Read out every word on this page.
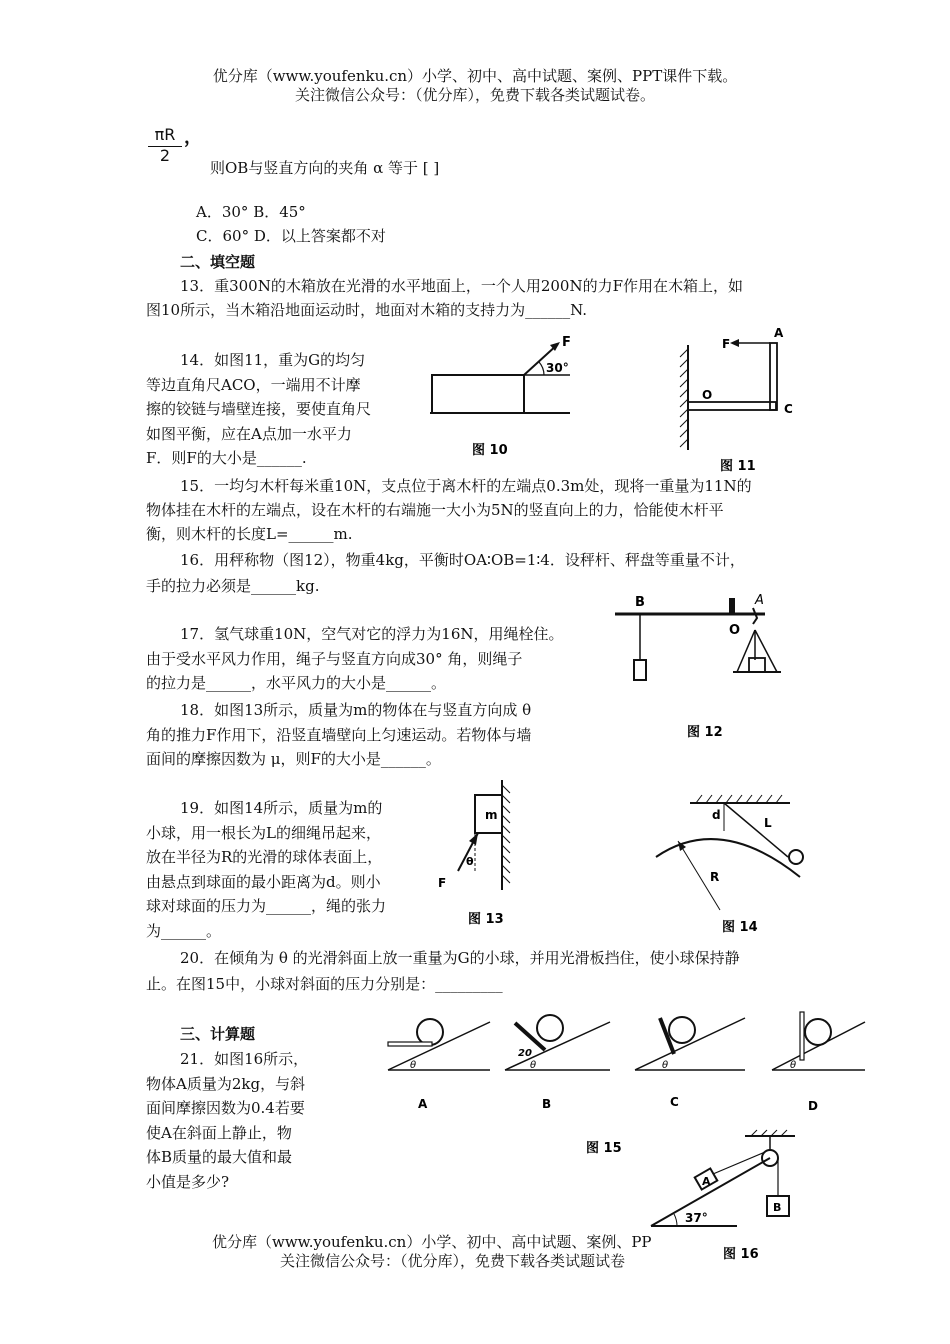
优分库（www.youfenku.cn）小学、初中、高中试题、案例、PPT课件下载。
关注微信公众号：（优分库），免费下载各类试题试卷。
πR
2
，
则OB与竖直方向的夹角 α 等于 [ ]
A．30° B．45°
C．60° D．以上答案都不对
二、填空题
13．重300N的木箱放在光滑的水平地面上，一个人用200N的力F作用在木箱上，如
图10所示，当木箱沿地面运动时，地面对木箱的支持力为______N.
14．如图11，重为G的均匀
等边直角尺ACO，一端用不计摩
擦的铰链与墙壁连接，要使直角尺
如图平衡，应在A点加一水平力
F．则F的大小是______.
F
30°
图 10
F
A
O
C
图 11
15．一均匀木杆每米重10N，支点位于离木杆的左端点0.3m处，现将一重量为11N的
物体挂在木杆的左端点，设在木杆的右端施一大小为5N的竖直向上的力，恰能使木杆平
衡，则木杆的长度L=______m.
16．用秤称物（图12），物重4kg，平衡时OA∶OB=1∶4．设秤杆、秤盘等重量不计，
手的拉力必须是______kg.
17．氢气球重10N，空气对它的浮力为16N，用绳栓住。
由于受水平风力作用，绳子与竖直方向成30° 角，则绳子
的拉力是______，水平风力的大小是______。
18．如图13所示，质量为m的物体在与竖直方向成 θ
角的推力F作用下，沿竖直墙壁向上匀速运动。若物体与墙
面间的摩擦因数为 μ，则F的大小是______。
B	A
O
图 12
19．如图14所示，质量为m的
小球，用一根长为L的细绳吊起来，
放在半径为R的光滑的球体表面上，
由悬点到球面的最小距离为d。则小
球对球面的压力为______，绳的张力
为______。
m
θ
F
图 13
d
L
R
图 14
20．在倾角为 θ 的光滑斜面上放一重量为G的小球，并用光滑板挡住，使小球保持静
止。在图15中，小球对斜面的压力分别是：_________
三、计算题
21．如图16所示，
物体A质量为2kg，与斜
面间摩擦因数为0.4若要
使A在斜面上静止，物
体B质量的最大值和最
小值是多少?
θ
A
20
θ
B
θ
C
θ
D
图 15
A
B
37°
图 16
优分库（www.youfenku.cn）小学、初中、高中试题、案例、PP
关注微信公众号：（优分库），免费下载各类试题试卷
